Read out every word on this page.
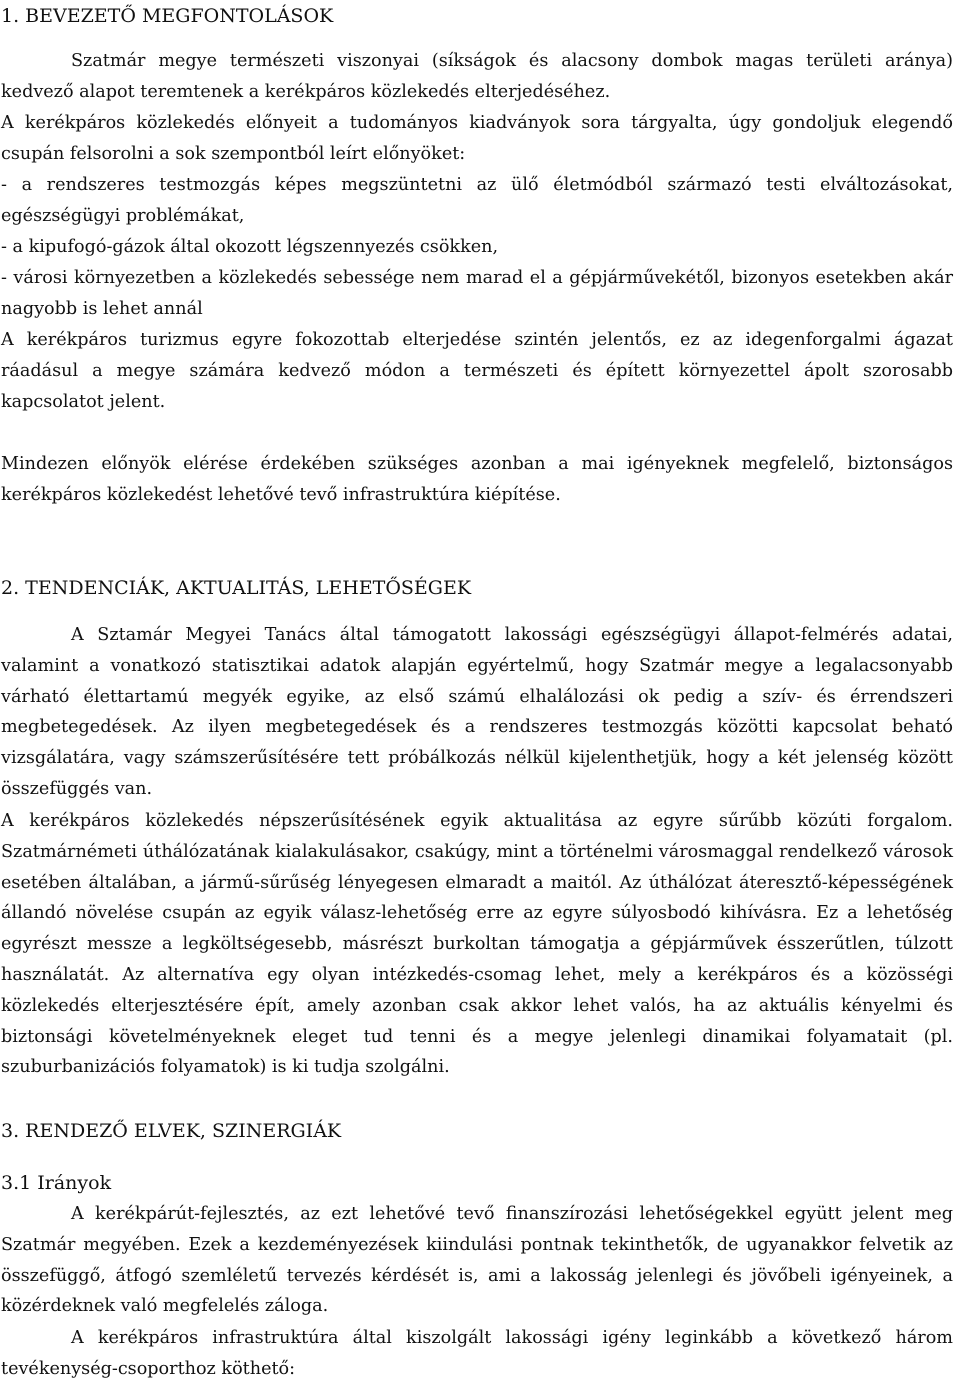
1. BEVEZETŐ MEGFONTOLÁSOK

Szatmár megye természeti viszonyai (síkságok és alacsony dombok magas területi aránya) kedvező alapot teremtenek a kerékpáros közlekedés elterjedéséhez.

A kerékpáros közlekedés előnyeit a tudományos kiadványok sora tárgyalta, úgy gondoljuk elegendő csupán felsorolni a sok szempontból leírt előnyöket:

- a rendszeres testmozgás képes megszüntetni az ülő életmódból származó testi elváltozásokat, egészségügyi problémákat,

- a kipufogó-gázok által okozott légszennyezés csökken,

- városi környezetben a közlekedés sebessége nem marad el a gépjárművekétől, bizonyos esetekben akár nagyobb is lehet annál

A kerékpáros turizmus egyre fokozottab elterjedése szintén jelentős, ez az idegenforgalmi ágazat ráadásul a megye számára kedvező módon a természeti és épített környezettel ápolt szorosabb kapcsolatot jelent.

Mindezen előnyök elérése érdekében szükséges azonban a mai igényeknek megfelelő, biztonságos kerékpáros közlekedést lehetővé tevő infrastruktúra kiépítése.

2. TENDENCIÁK, AKTUALITÁS, LEHETŐSÉGEK

A Sztamár Megyei Tanács által támogatott lakossági egészségügyi állapot-felmérés adatai, valamint a vonatkozó statisztikai adatok alapján egyértelmű, hogy Szatmár megye a legalacsonyabb várható élettartamú megyék egyike, az első számú elhalálozási ok pedig a szív- és érrendszeri megbetegedések. Az ilyen megbetegedések és a rendszeres testmozgás közötti kapcsolat beható vizsgálatára, vagy számszerűsítésére tett próbálkozás nélkül kijelenthetjük, hogy a két jelenség között összefüggés van.

A kerékpáros közlekedés népszerűsítésének egyik aktualitása az egyre sűrűbb közúti forgalom. Szatmárnémeti úthálózatának kialakulásakor, csakúgy, mint a történelmi városmaggal rendelkező városok esetében általában, a jármű-sűrűség lényegesen elmaradt a maitól. Az úthálózat áteresztő-képességének állandó növelése csupán az egyik válasz-lehetőség erre az egyre súlyosbodó kihívásra. Ez a lehetőség egyrészt messze a legköltségesebb, másrészt burkoltan támogatja a gépjárművek ésszerűtlen, túlzott használatát. Az alternatíva egy olyan intézkedés-csomag lehet, mely a kerékpáros és a közösségi közlekedés elterjesztésére épít, amely azonban csak akkor lehet valós, ha az aktuális kényelmi és biztonsági követelményeknek eleget tud tenni és a megye jelenlegi dinamikai folyamatait (pl. szuburbanizációs folyamatok) is ki tudja szolgálni.

3. RENDEZŐ ELVEK, SZINERGIÁK
3.1 Irányok

A kerékpárút-fejlesztés, az ezt lehetővé tevő finanszírozási lehetőségekkel együtt jelent meg Szatmár megyében. Ezek a kezdeményezések kiindulási pontnak tekinthetők, de ugyanakkor felvetik az összefüggő, átfogó szemléletű tervezés kérdését is, ami a lakosság jelenlegi és jövőbeli igényeinek, a közérdeknek való megfelelés záloga.

A kerékpáros infrastruktúra által kiszolgált lakossági igény leginkább a következő három tevékenység-csoporthoz köthető:
